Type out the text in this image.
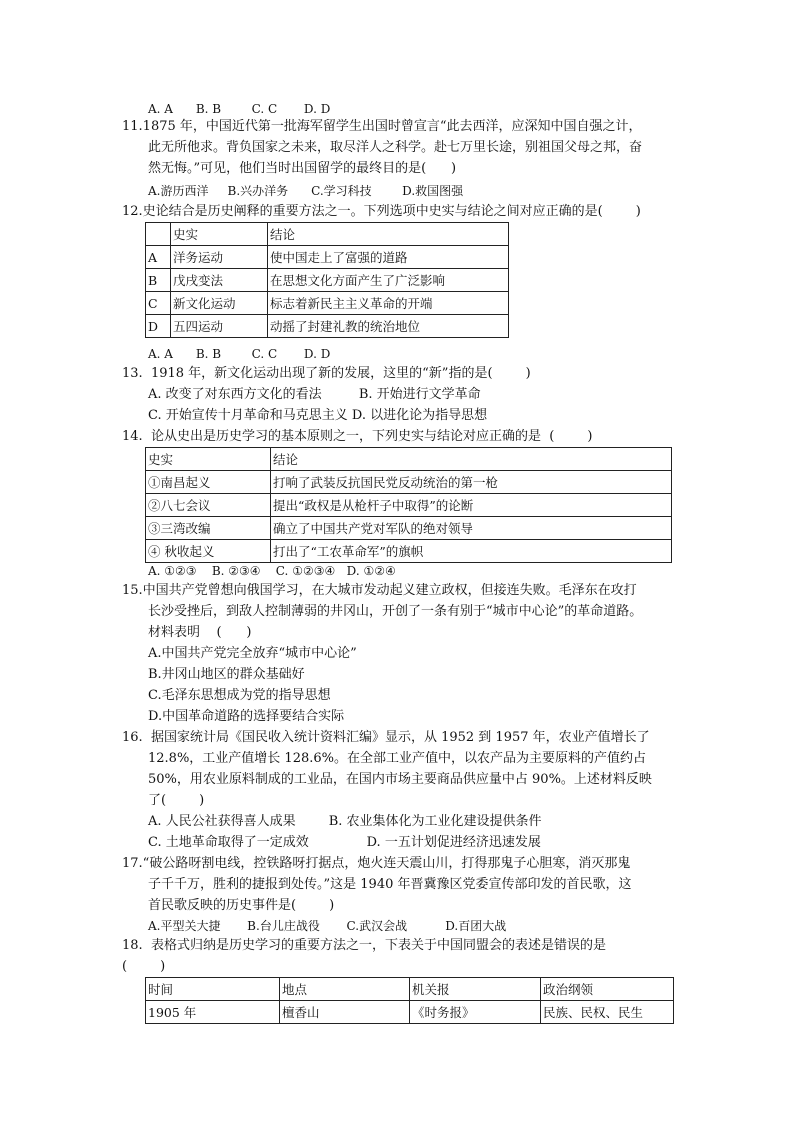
A. A      B. B        C. C       D. D
11.1875 年，中国近代第一批海军留学生出国时曾宣言“此去西洋，应深知中国自强之计，
此无所他求。背负国家之未来，取尽洋人之科学。赴七万里长途，别祖国父母之邦，奋
然无悔。”可见，他们当时出国留学的最终目的是(      )
A.游历西洋     B.兴办洋务      C.学习科技        D.救国图强
12.史论结合是历史阐释的重要方法之一。下列选项中史实与结论之间对应正确的是(        )
	史实	结论
A	洋务运动	使中国走上了富强的道路
B	戊戌变法	在思想文化方面产生了广泛影响
C	新文化运动	标志着新民主主义革命的开端
D	五四运动	动摇了封建礼教的统治地位
A. A      B. B        C. C       D. D
13.  1918 年，新文化运动出现了新的发展，这里的“新”指的是(        )
A. 改变了对东西方文化的看法         B. 开始进行文学革命
C. 开始宣传十月革命和马克思主义 D. 以进化论为指导思想
14.  论从史出是历史学习的基本原则之一，下列史实与结论对应正确的是  (        )
史实	结论
①南昌起义	打响了武装反抗国民党反动统治的第一枪
②八七会议	提出“政权是从枪杆子中取得”的论断
③三湾改编	确立了中国共产党对军队的绝对领导
④ 秋收起义	打出了“工农革命军”的旗帜
A. ①②③    B. ②③④    C. ①②③④   D. ①②④
15.中国共产党曾想向俄国学习，在大城市发动起义建立政权，但接连失败。毛泽东在攻打
长沙受挫后，到敌人控制薄弱的井冈山，开创了一条有别于“城市中心论”的革命道路。
材料表明    (      )
A.中国共产党完全放弃“城市中心论”
B.井冈山地区的群众基础好
C.毛泽东思想成为党的指导思想
D.中国革命道路的选择要结合实际
16.  据国家统计局《国民收入统计资料汇编》显示，从 1952 到 1957 年，农业产值增长了
12.8%，工业产值增长 128.6%。在全部工业产值中，以农产品为主要原料的产值约占
50%，用农业原料制成的工业品，在国内市场主要商品供应量中占 90%。上述材料反映
了(        )
A. 人民公社获得喜人成果        B. 农业集体化为工业化建设提供条件
C. 土地革命取得了一定成效              D. 一五计划促进经济迅速发展
17.“破公路呀割电线，控铁路呀打据点，炮火连天震山川，打得那鬼子心胆寒，消灭那鬼
子千千万，胜利的捷报到处传。”这是 1940 年晋冀豫区党委宣传部印发的首民歌，这
首民歌反映的历史事件是(        )
A.平型关大捷       B.台儿庄战役       C.武汉会战          D.百团大战
18.  表格式归纳是历史学习的重要方法之一，下表关于中国同盟会的表述是错误的是
(        )
时间	地点	机关报	政治纲领
1905 年	檀香山	《时务报》	民族、民权、民生
